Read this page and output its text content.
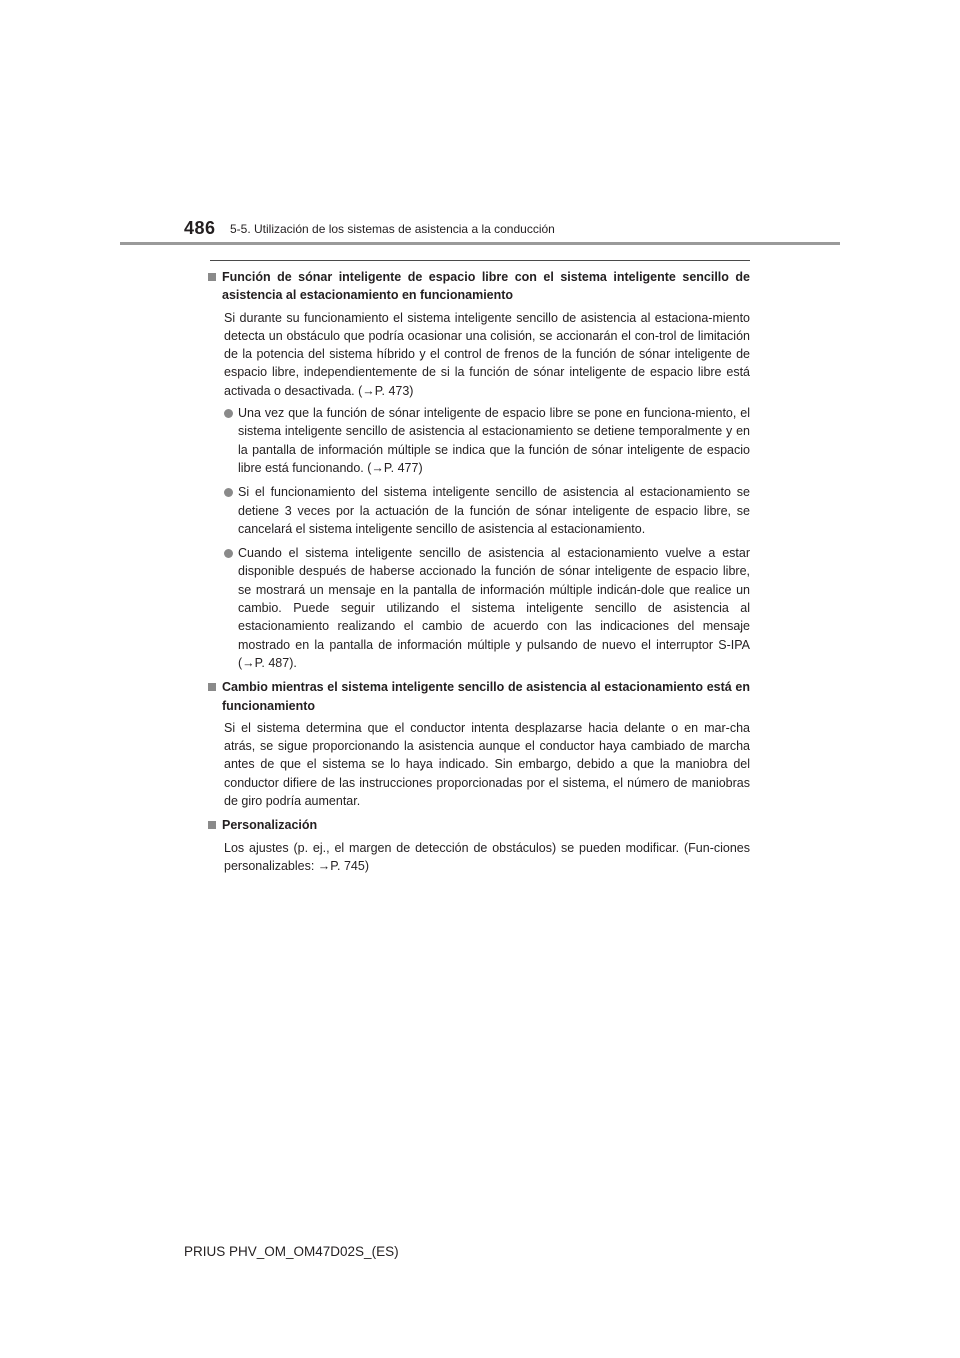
486 5-5. Utilización de los sistemas de asistencia a la conducción
Función de sónar inteligente de espacio libre con el sistema inteligente sencillo de asistencia al estacionamiento en funcionamiento
Si durante su funcionamiento el sistema inteligente sencillo de asistencia al estaciona-miento detecta un obstáculo que podría ocasionar una colisión, se accionarán el con-trol de limitación de la potencia del sistema híbrido y el control de frenos de la función de sónar inteligente de espacio libre, independientemente de si la función de sónar inteligente de espacio libre está activada o desactivada. (→P. 473)
Una vez que la función de sónar inteligente de espacio libre se pone en funciona-miento, el sistema inteligente sencillo de asistencia al estacionamiento se detiene temporalmente y en la pantalla de información múltiple se indica que la función de sónar inteligente de espacio libre está funcionando. (→P. 477)
Si el funcionamiento del sistema inteligente sencillo de asistencia al estacionamiento se detiene 3 veces por la actuación de la función de sónar inteligente de espacio libre, se cancelará el sistema inteligente sencillo de asistencia al estacionamiento.
Cuando el sistema inteligente sencillo de asistencia al estacionamiento vuelve a estar disponible después de haberse accionado la función de sónar inteligente de espacio libre, se mostrará un mensaje en la pantalla de información múltiple indicán-dole que realice un cambio. Puede seguir utilizando el sistema inteligente sencillo de asistencia al estacionamiento realizando el cambio de acuerdo con las indicaciones del mensaje mostrado en la pantalla de información múltiple y pulsando de nuevo el interruptor S-IPA (→P. 487).
Cambio mientras el sistema inteligente sencillo de asistencia al estacionamiento está en funcionamiento
Si el sistema determina que el conductor intenta desplazarse hacia delante o en mar-cha atrás, se sigue proporcionando la asistencia aunque el conductor haya cambiado de marcha antes de que el sistema se lo haya indicado. Sin embargo, debido a que la maniobra del conductor difiere de las instrucciones proporcionadas por el sistema, el número de maniobras de giro podría aumentar.
Personalización
Los ajustes (p. ej., el margen de detección de obstáculos) se pueden modificar. (Fun-ciones personalizables: →P. 745)
PRIUS PHV_OM_OM47D02S_(ES)
